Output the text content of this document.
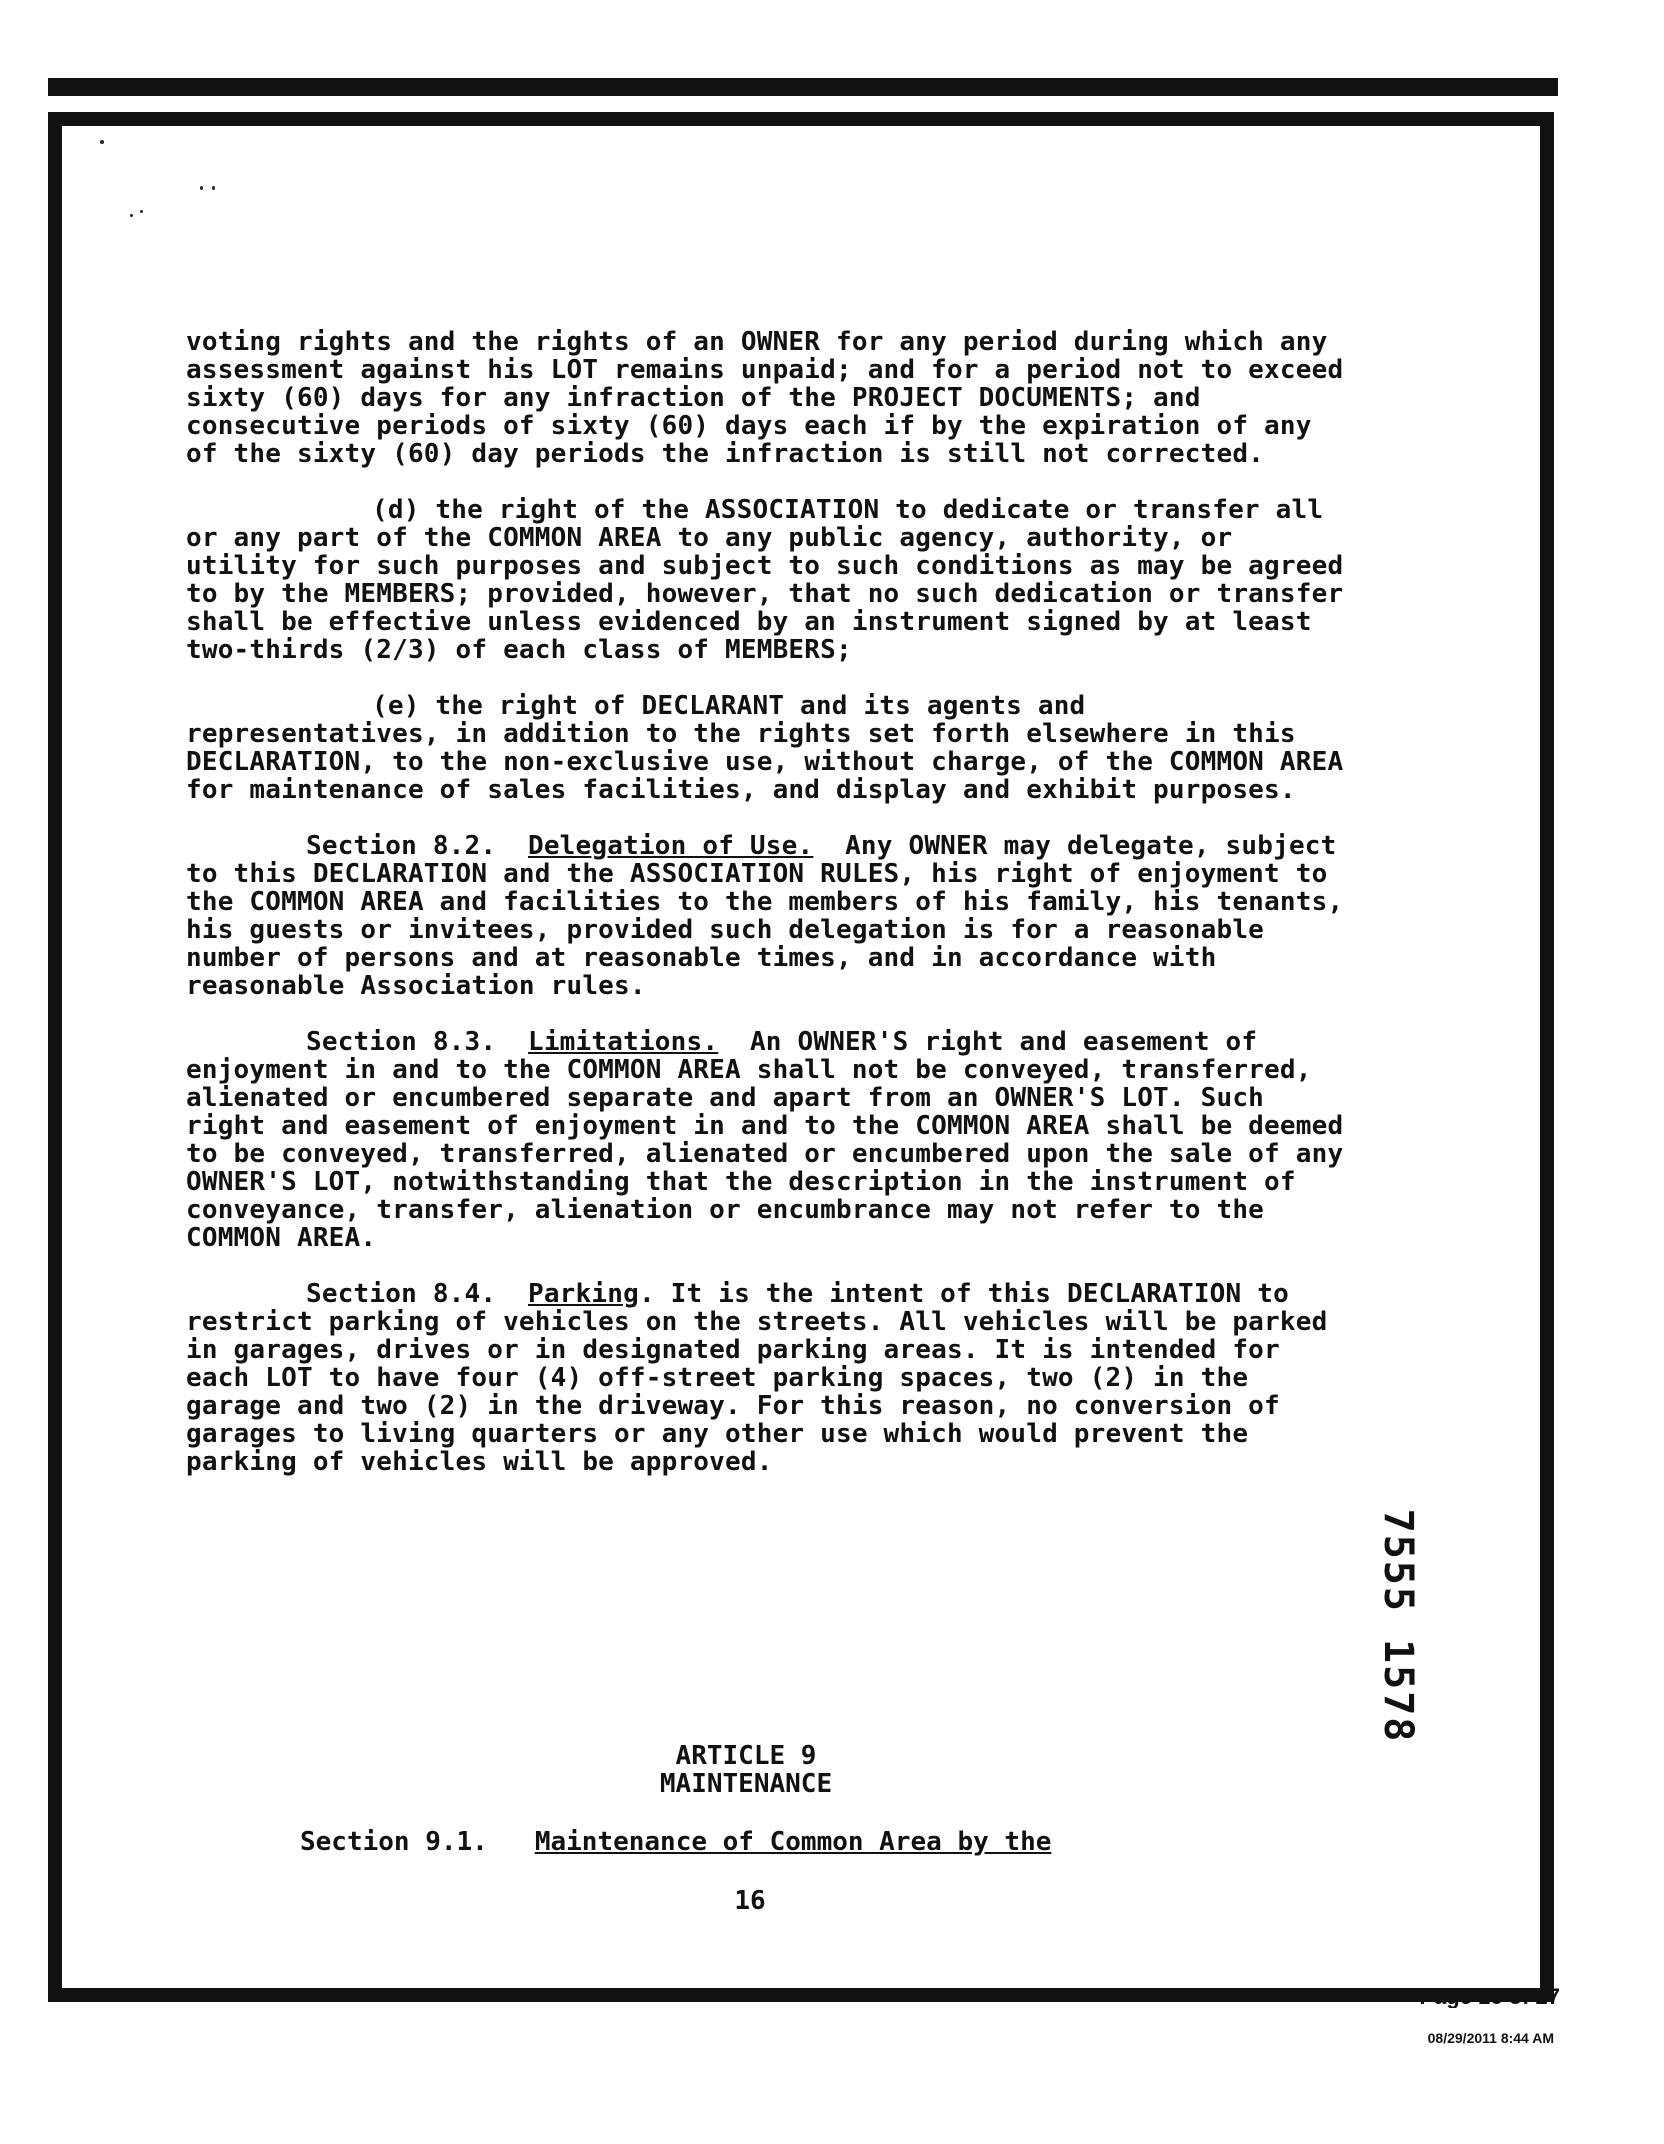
voting rights and the rights of an OWNER for any period during which any assessment against his LOT remains unpaid; and for a period not to exceed sixty (60) days for any infraction of the PROJECT DOCUMENTS; and consecutive periods of sixty (60) days each if by the expiration of any of the sixty (60) day periods the infraction is still not corrected.

(d) the right of the ASSOCIATION to dedicate or transfer all or any part of the COMMON AREA to any public agency, authority, or utility for such purposes and subject to such conditions as may be agreed to by the MEMBERS; provided, however, that no such dedication or transfer shall be effective unless evidenced by an instrument signed by at least two-thirds (2/3) of each class of MEMBERS;

(e) the right of DECLARANT and its agents and representatives, in addition to the rights set forth elsewhere in this DECLARATION, to the non-exclusive use, without charge, of the COMMON AREA for maintenance of sales facilities, and display and exhibit purposes.

Section 8.2. Delegation of Use. Any OWNER may delegate, subject to this DECLARATION and the ASSOCIATION RULES, his right of enjoyment to the COMMON AREA and facilities to the members of his family, his tenants, his guests or invitees, provided such delegation is for a reasonable number of persons and at reasonable times, and in accordance with reasonable Association rules.

Section 8.3. Limitations. An OWNER'S right and easement of enjoyment in and to the COMMON AREA shall not be conveyed, transferred, alienated or encumbered separate and apart from an OWNER'S LOT. Such right and easement of enjoyment in and to the COMMON AREA shall be deemed to be conveyed, transferred, alienated or encumbered upon the sale of any OWNER'S LOT, notwithstanding that the description in the instrument of conveyance, transfer, alienation or encumbrance may not refer to the COMMON AREA.

Section 8.4. Parking. It is the intent of this DECLARATION to restrict parking of vehicles on the streets. All vehicles will be parked in garages, drives or in designated parking areas. It is intended for each LOT to have four (4) off-street parking spaces, two (2) in the garage and two (2) in the driveway. For this reason, no conversion of garages to living quarters or any other use which would prevent the parking of vehicles will be approved.

ARTICLE 9
MAINTENANCE
Section 9.1. Maintenance of Common Area by the
16
7555 1578
Page 16 of 27
08/29/2011 8:44 AM
